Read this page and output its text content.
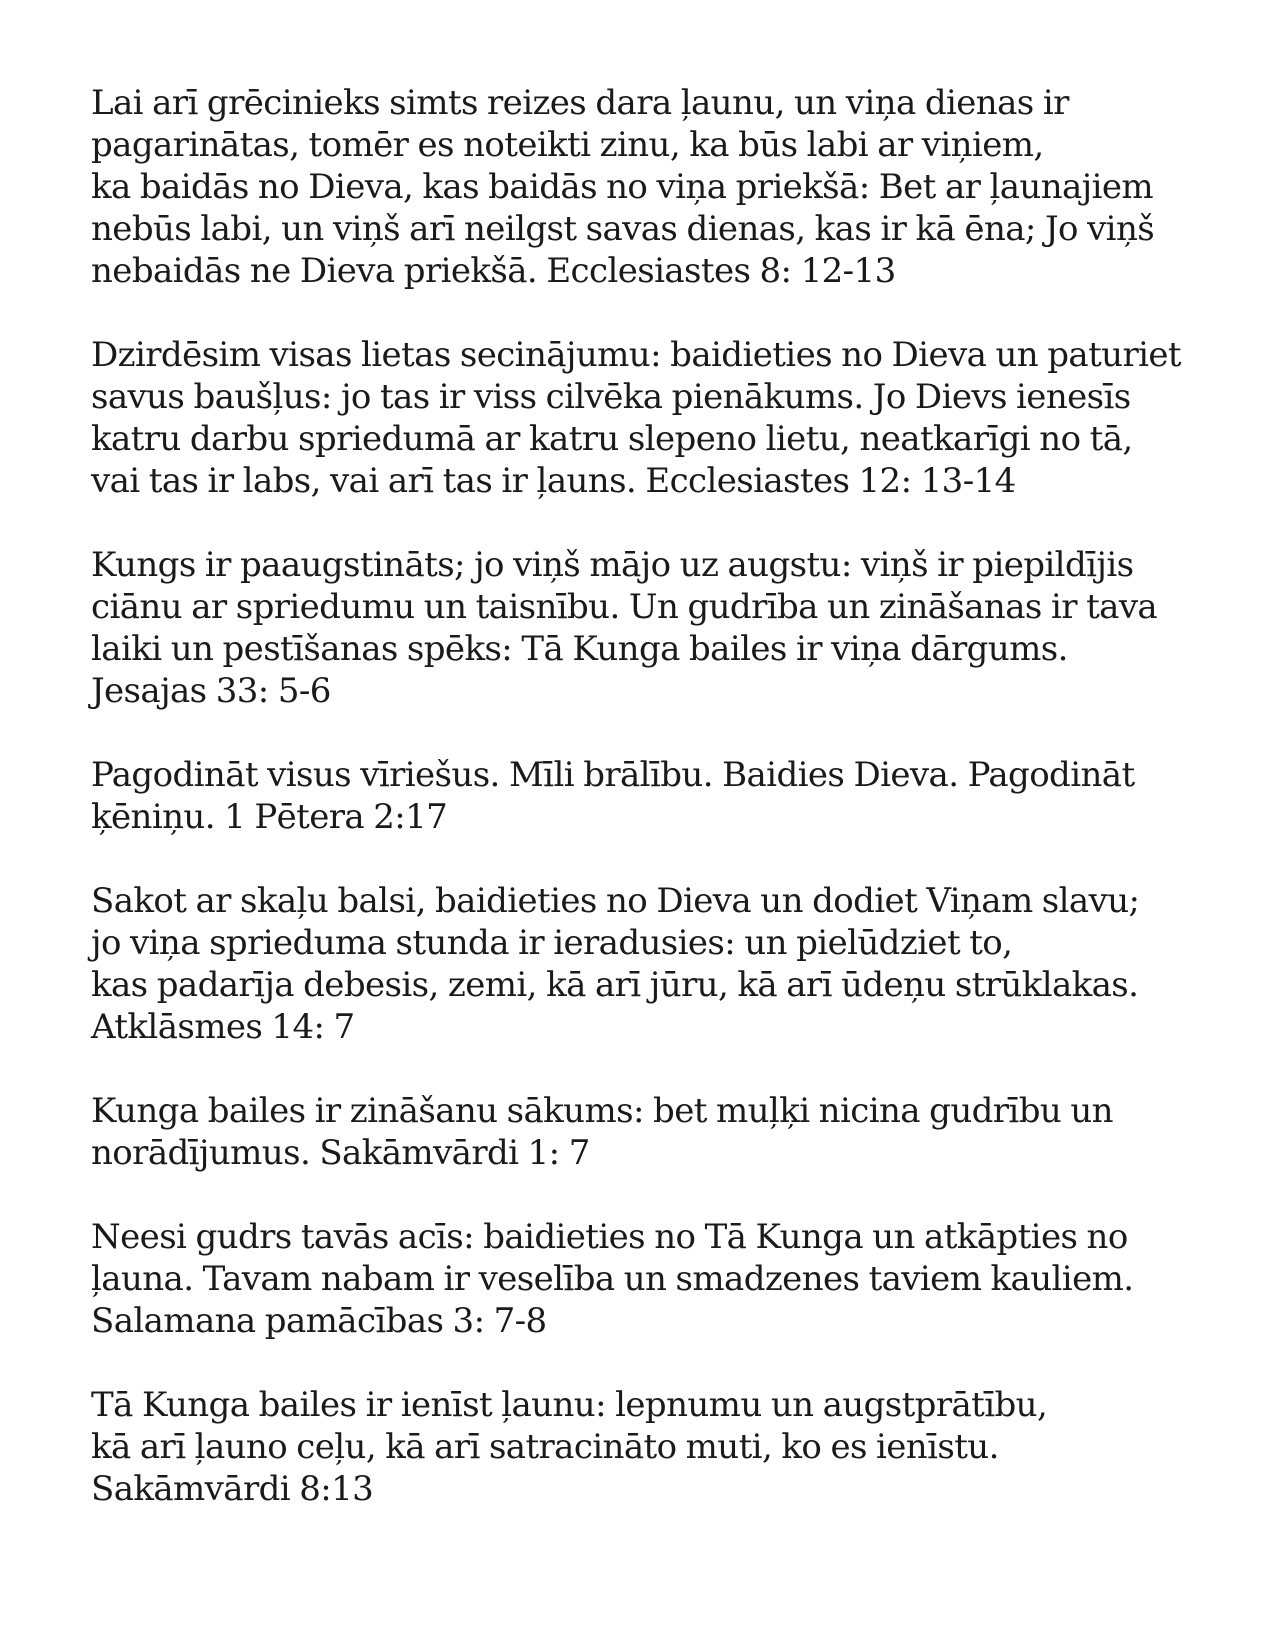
Lai arī grēcinieks simts reizes dara ļaunu, un viņa dienas ir
pagarinātas, tomēr es noteikti zinu, ka būs labi ar viņiem,
ka baidās no Dieva, kas baidās no viņa priekšā: Bet ar ļaunajiem
nebūs labi, un viņš arī neilgst savas dienas, kas ir kā ēna; Jo viņš
nebaidās ne Dieva priekšā. Ecclesiastes 8: 12-13

Dzirdēsim visas lietas secinājumu: baidieties no Dieva un paturiet
savus baušļus: jo tas ir viss cilvēka pienākums. Jo Dievs ienesīs
katru darbu spriedumā ar katru slepeno lietu, neatkarīgi no tā,
vai tas ir labs, vai arī tas ir ļauns. Ecclesiastes 12: 13-14

Kungs ir paaugstināts; jo viņš mājo uz augstu: viņš ir piepildījis
ciānu ar spriedumu un taisnību. Un gudrība un zināšanas ir tava
laiki un pestīšanas spēks: Tā Kunga bailes ir viņa dārgums.
Jesajas 33: 5-6

Pagodināt visus vīriešus. Mīli brālību. Baidies Dieva. Pagodināt
ķēniņu. 1 Pētera 2:17

Sakot ar skaļu balsi, baidieties no Dieva un dodiet Viņam slavu;
jo viņa sprieduma stunda ir ieradusies: un pielūdziet to,
kas padarīja debesis, zemi, kā arī jūru, kā arī ūdeņu strūklakas.
Atklāsmes 14: 7

Kunga bailes ir zināšanu sākums: bet muļķi nicina gudrību un
norādījumus. Sakāmvārdi 1: 7

Neesi gudrs tavās acīs: baidieties no Tā Kunga un atkāpties no
ļauna. Tavam nabam ir veselība un smadzenes taviem kauliem.
Salamana pamācības 3: 7-8

Tā Kunga bailes ir ienīst ļaunu: lepnumu un augstprātību,
kā arī ļauno ceļu, kā arī satracināto muti, ko es ienīstu.
Sakāmvārdi 8:13
